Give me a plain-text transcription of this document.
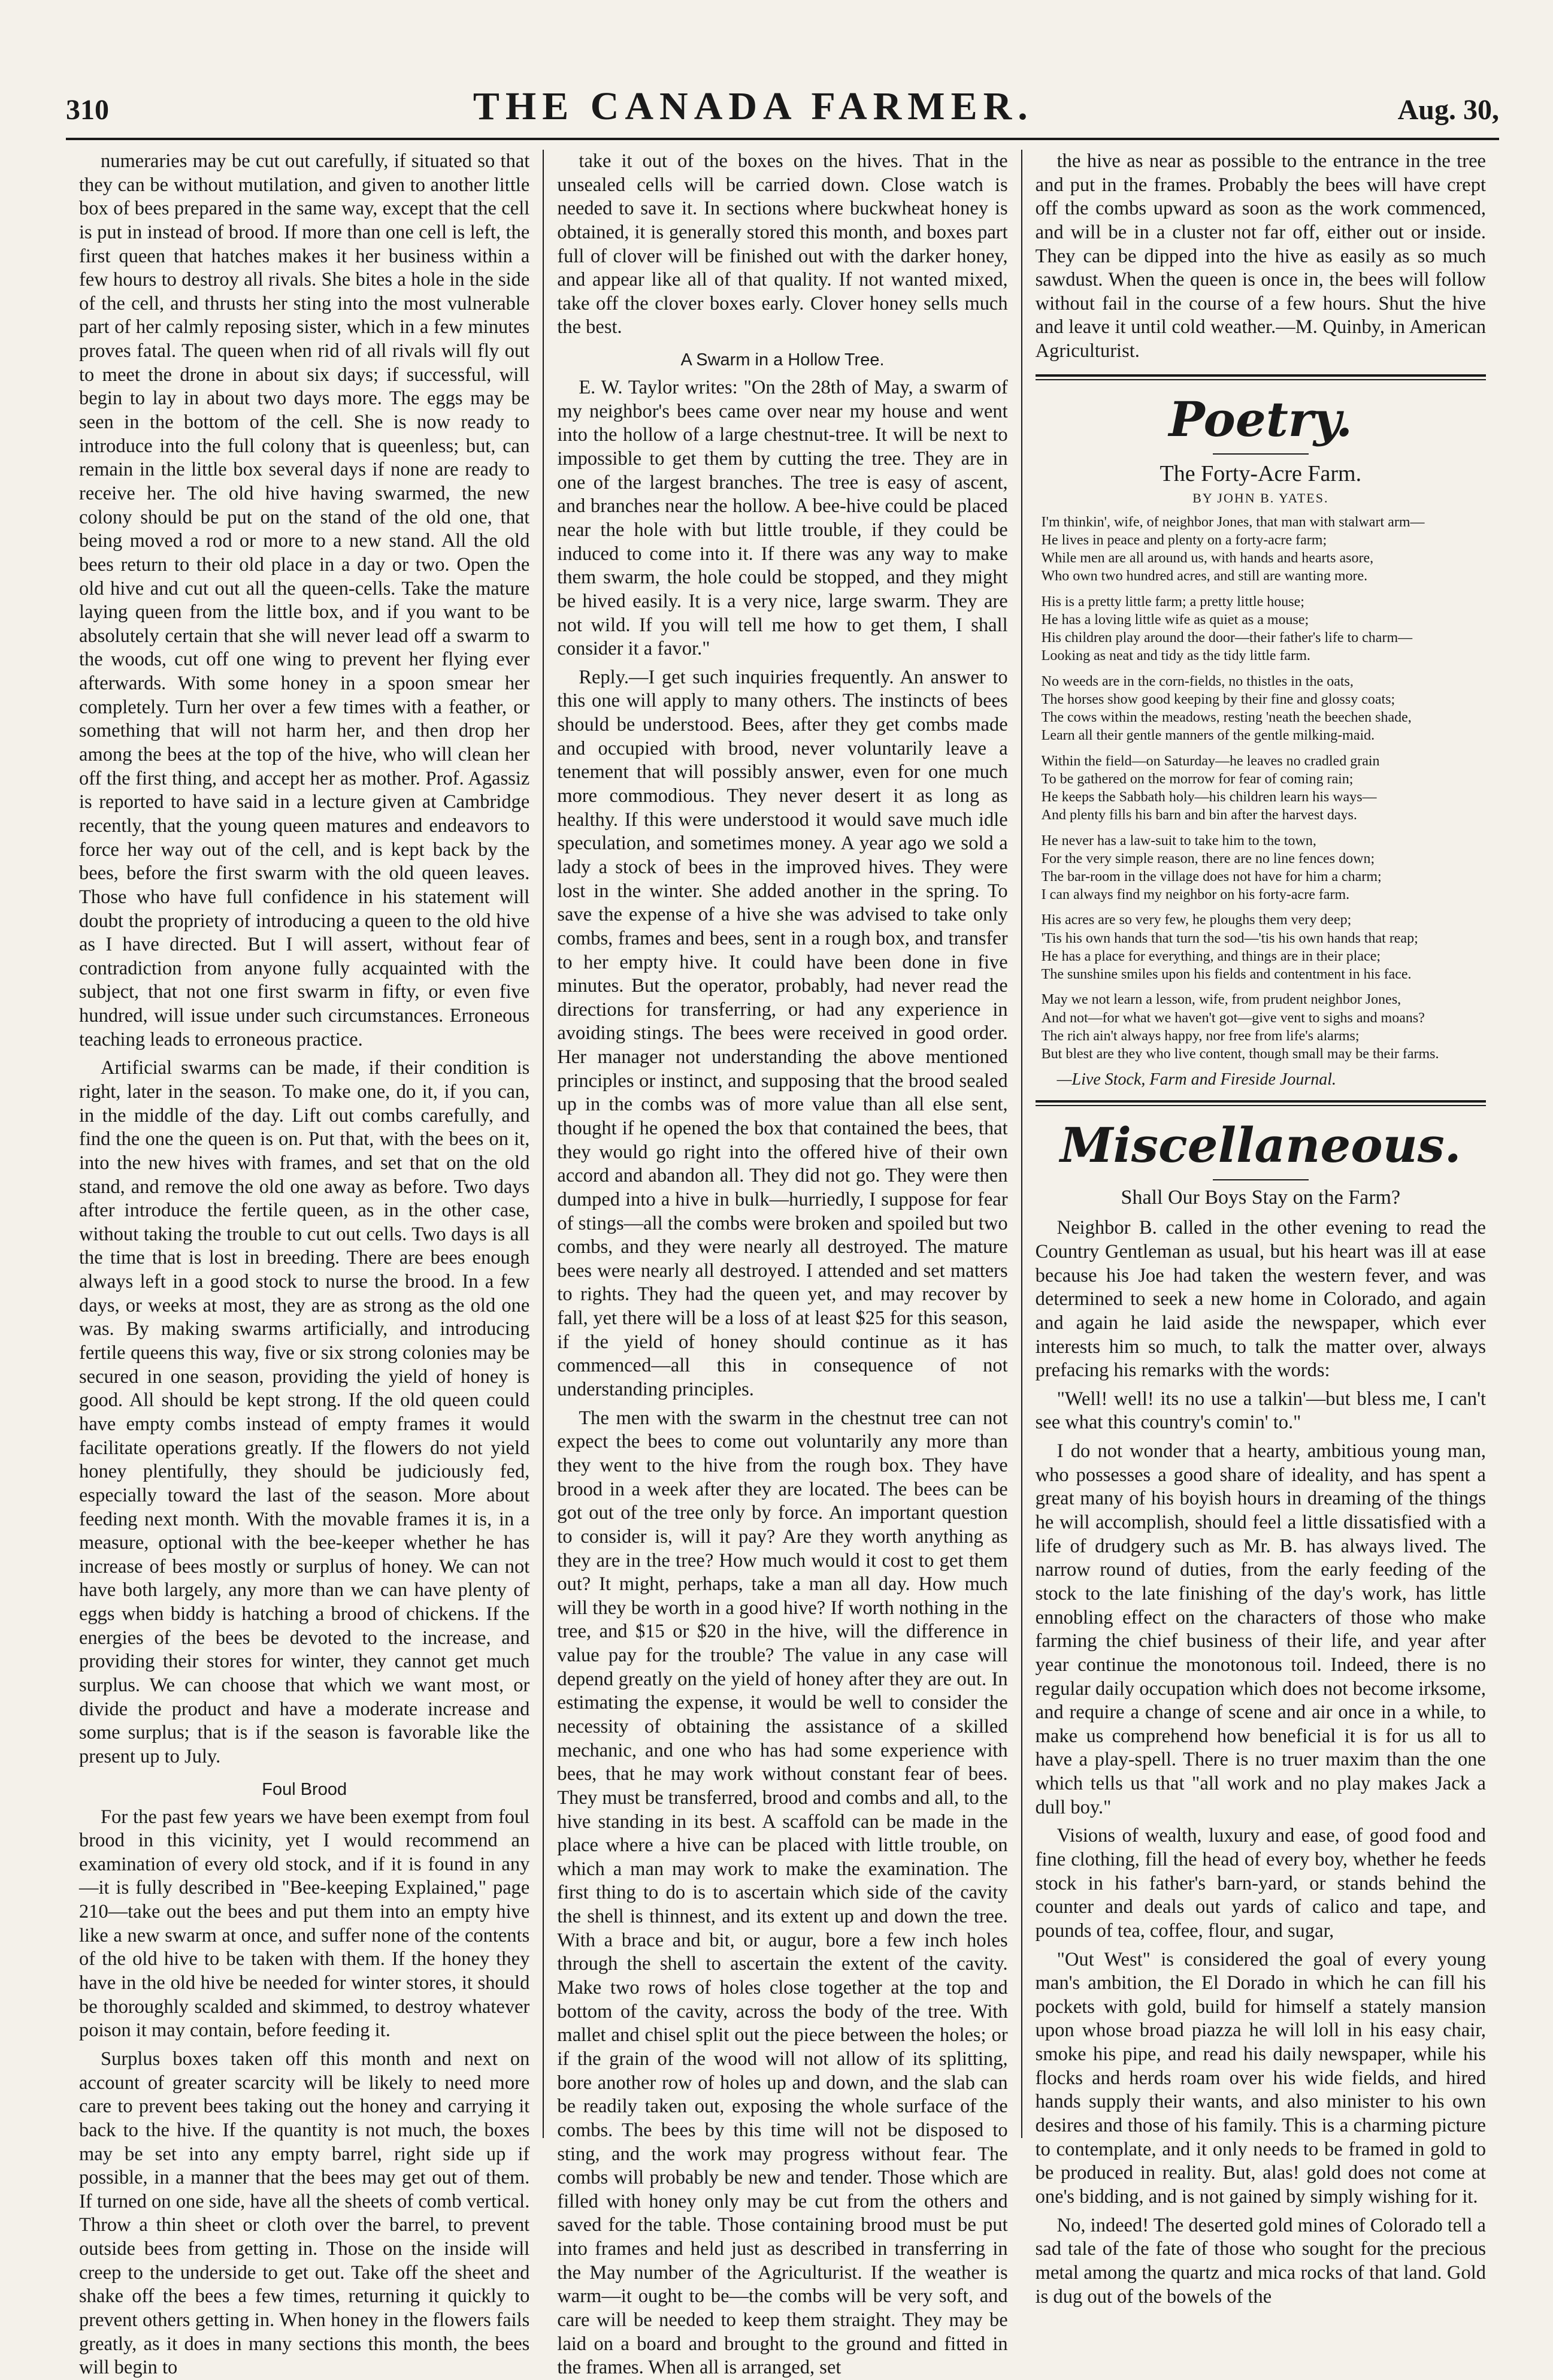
310	THE CANADA FARMER.	Aug. 30,

numeraries may be cut out carefully, if situated so that they can be without mutilation, and given to another little box of bees prepared in the same way, except that the cell is put in instead of brood. If more than one cell is left, the first queen that hatches makes it her business within a few hours to destroy all rivals. She bites a hole in the side of the cell, and thrusts her sting into the most vulnerable part of her calmly reposing sister, which in a few minutes proves fatal. The queen when rid of all rivals will fly out to meet the drone in about six days; if successful, will begin to lay in about two days more. The eggs may be seen in the bottom of the cell. She is now ready to introduce into the full colony that is queenless; but, can remain in the little box several days if none are ready to receive her. The old hive having swarmed, the new colony should be put on the stand of the old one, that being moved a rod or more to a new stand. All the old bees return to their old place in a day or two. Open the old hive and cut out all the queen-cells. Take the mature laying queen from the little box, and if you want to be absolutely certain that she will never lead off a swarm to the woods, cut off one wing to prevent her flying ever afterwards. With some honey in a spoon smear her completely. Turn her over a few times with a feather, or something that will not harm her, and then drop her among the bees at the top of the hive, who will clean her off the first thing, and accept her as mother. Prof. Agassiz is reported to have said in a lecture given at Cambridge recently, that the young queen matures and endeavors to force her way out of the cell, and is kept back by the bees, before the first swarm with the old queen leaves. Those who have full confidence in his statement will doubt the propriety of introducing a queen to the old hive as I have directed. But I will assert, without fear of contradiction from anyone fully acquainted with the subject, that not one first swarm in fifty, or even five hundred, will issue under such circumstances. Erroneous teaching leads to erroneous practice.

Artificial swarms can be made, if their condition is right, later in the season. To make one, do it, if you can, in the middle of the day. Lift out combs carefully, and find the one the queen is on. Put that, with the bees on it, into the new hives with frames, and set that on the old stand, and remove the old one away as before. Two days after introduce the fertile queen, as in the other case, without taking the trouble to cut out cells. Two days is all the time that is lost in breeding. There are bees enough always left in a good stock to nurse the brood. In a few days, or weeks at most, they are as strong as the old one was. By making swarms artificially, and introducing fertile queens this way, five or six strong colonies may be secured in one season, providing the yield of honey is good. All should be kept strong. If the old queen could have empty combs instead of empty frames it would facilitate operations greatly. If the flowers do not yield honey plentifully, they should be judiciously fed, especially toward the last of the season. More about feeding next month. With the movable frames it is, in a measure, optional with the bee-keeper whether he has increase of bees mostly or surplus of honey. We can not have both largely, any more than we can have plenty of eggs when biddy is hatching a brood of chickens. If the energies of the bees be devoted to the increase, and providing their stores for winter, they cannot get much surplus. We can choose that which we want most, or divide the product and have a moderate increase and some surplus; that is if the season is favorable like the present up to July.

Foul Brood

For the past few years we have been exempt from foul brood in this vicinity, yet I would recommend an examination of every old stock, and if it is found in any—it is fully described in "Bee-keeping Explained," page 210—take out the bees and put them into an empty hive like a new swarm at once, and suffer none of the contents of the old hive to be taken with them. If the honey they have in the old hive be needed for winter stores, it should be thoroughly scalded and skimmed, to destroy whatever poison it may contain, before feeding it.

Surplus boxes taken off this month and next on account of greater scarcity will be likely to need more care to prevent bees taking out the honey and carrying it back to the hive. If the quantity is not much, the boxes may be set into any empty barrel, right side up if possible, in a manner that the bees may get out of them. If turned on one side, have all the sheets of comb vertical. Throw a thin sheet or cloth over the barrel, to prevent outside bees from getting in. Those on the inside will creep to the underside to get out. Take off the sheet and shake off the bees a few times, returning it quickly to prevent others getting in. When honey in the flowers fails greatly, as it does in many sections this month, the bees will begin to

take it out of the boxes on the hives. That in the unsealed cells will be carried down. Close watch is needed to save it. In sections where buckwheat honey is obtained, it is generally stored this month, and boxes part full of clover will be finished out with the darker honey, and appear like all of that quality. If not wanted mixed, take off the clover boxes early. Clover honey sells much the best.

A Swarm in a Hollow Tree.

E. W. Taylor writes: "On the 28th of May, a swarm of my neighbor's bees came over near my house and went into the hollow of a large chestnut-tree. It will be next to impossible to get them by cutting the tree. They are in one of the largest branches. The tree is easy of ascent, and branches near the hollow. A bee-hive could be placed near the hole with but little trouble, if they could be induced to come into it. If there was any way to make them swarm, the hole could be stopped, and they might be hived easily. It is a very nice, large swarm. They are not wild. If you will tell me how to get them, I shall consider it a favor."

Reply.—I get such inquiries frequently. An answer to this one will apply to many others. The instincts of bees should be understood. Bees, after they get combs made and occupied with brood, never voluntarily leave a tenement that will possibly answer, even for one much more commodious. They never desert it as long as healthy. If this were understood it would save much idle speculation, and sometimes money. A year ago we sold a lady a stock of bees in the improved hives. They were lost in the winter. She added another in the spring. To save the expense of a hive she was advised to take only combs, frames and bees, sent in a rough box, and transfer to her empty hive. It could have been done in five minutes. But the operator, probably, had never read the directions for transferring, or had any experience in avoiding stings. The bees were received in good order. Her manager not understanding the above mentioned principles or instinct, and supposing that the brood sealed up in the combs was of more value than all else sent, thought if he opened the box that contained the bees, that they would go right into the offered hive of their own accord and abandon all. They did not go. They were then dumped into a hive in bulk—hurriedly, I suppose for fear of stings—all the combs were broken and spoiled but two combs, and they were nearly all destroyed. The mature bees were nearly all destroyed. I attended and set matters to rights. They had the queen yet, and may recover by fall, yet there will be a loss of at least $25 for this season, if the yield of honey should continue as it has commenced—all this in consequence of not understanding principles.

The men with the swarm in the chestnut tree can not expect the bees to come out voluntarily any more than they went to the hive from the rough box. They have brood in a week after they are located. The bees can be got out of the tree only by force. An important question to consider is, will it pay? Are they worth anything as they are in the tree? How much would it cost to get them out? It might, perhaps, take a man all day. How much will they be worth in a good hive? If worth nothing in the tree, and $15 or $20 in the hive, will the difference in value pay for the trouble? The value in any case will depend greatly on the yield of honey after they are out. In estimating the expense, it would be well to consider the necessity of obtaining the assistance of a skilled mechanic, and one who has had some experience with bees, that he may work without constant fear of bees. They must be transferred, brood and combs and all, to the hive standing in its best. A scaffold can be made in the place where a hive can be placed with little trouble, on which a man may work to make the examination. The first thing to do is to ascertain which side of the cavity the shell is thinnest, and its extent up and down the tree. With a brace and bit, or augur, bore a few inch holes through the shell to ascertain the extent of the cavity. Make two rows of holes close together at the top and bottom of the cavity, across the body of the tree. With mallet and chisel split out the piece between the holes; or if the grain of the wood will not allow of its splitting, bore another row of holes up and down, and the slab can be readily taken out, exposing the whole surface of the combs. The bees by this time will not be disposed to sting, and the work may progress without fear. The combs will probably be new and tender. Those which are filled with honey only may be cut from the others and saved for the table. Those containing brood must be put into frames and held just as described in transferring in the May number of the Agriculturist. If the weather is warm—it ought to be—the combs will be very soft, and care will be needed to keep them straight. They may be laid on a board and brought to the ground and fitted in the frames. When all is arranged, set

the hive as near as possible to the entrance in the tree and put in the frames. Probably the bees will have crept off the combs upward as soon as the work commenced, and will be in a cluster not far off, either out or inside. They can be dipped into the hive as easily as so much sawdust. When the queen is once in, the bees will follow without fail in the course of a few hours. Shut the hive and leave it until cold weather.—M. Quinby, in American Agriculturist.

Poetry.
The Forty-Acre Farm.
BY JOHN B. YATES.
I'm thinkin', wife, of neighbor Jones, that man with stalwart arm—
He lives in peace and plenty on a forty-acre farm;
While men are all around us, with hands and hearts asore,
Who own two hundred acres, and still are wanting more.
His is a pretty little farm; a pretty little house;
He has a loving little wife as quiet as a mouse;
His children play around the door—their father's life to charm—
Looking as neat and tidy as the tidy little farm.
No weeds are in the corn-fields, no thistles in the oats,
The horses show good keeping by their fine and glossy coats;
The cows within the meadows, resting 'neath the beechen shade,
Learn all their gentle manners of the gentle milking-maid.
Within the field—on Saturday—he leaves no cradled grain
To be gathered on the morrow for fear of coming rain;
He keeps the Sabbath holy—his children learn his ways—
And plenty fills his barn and bin after the harvest days.
He never has a law-suit to take him to the town,
For the very simple reason, there are no line fences down;
The bar-room in the village does not have for him a charm;
I can always find my neighbor on his forty-acre farm.
His acres are so very few, he ploughs them very deep;
'Tis his own hands that turn the sod—'tis his own hands that reap;
He has a place for everything, and things are in their place;
The sunshine smiles upon his fields and contentment in his face.
May we not learn a lesson, wife, from prudent neighbor Jones,
And not—for what we haven't got—give vent to sighs and moans?
The rich ain't always happy, nor free from life's alarms;
But blest are they who live content, though small may be their farms.
—Live Stock, Farm and Fireside Journal.
Miscellaneous.
Shall Our Boys Stay on the Farm?

Neighbor B. called in the other evening to read the Country Gentleman as usual, but his heart was ill at ease because his Joe had taken the western fever, and was determined to seek a new home in Colorado, and again and again he laid aside the newspaper, which ever interests him so much, to talk the matter over, always prefacing his remarks with the words:

"Well! well! its no use a talkin'—but bless me, I can't see what this country's comin' to."

I do not wonder that a hearty, ambitious young man, who possesses a good share of ideality, and has spent a great many of his boyish hours in dreaming of the things he will accomplish, should feel a little dissatisfied with a life of drudgery such as Mr. B. has always lived. The narrow round of duties, from the early feeding of the stock to the late finishing of the day's work, has little ennobling effect on the characters of those who make farming the chief business of their life, and year after year continue the monotonous toil. Indeed, there is no regular daily occupation which does not become irksome, and require a change of scene and air once in a while, to make us comprehend how beneficial it is for us all to have a play-spell. There is no truer maxim than the one which tells us that "all work and no play makes Jack a dull boy."

Visions of wealth, luxury and ease, of good food and fine clothing, fill the head of every boy, whether he feeds stock in his father's barn-yard, or stands behind the counter and deals out yards of calico and tape, and pounds of tea, coffee, flour, and sugar,

"Out West" is considered the goal of every young man's ambition, the El Dorado in which he can fill his pockets with gold, build for himself a stately mansion upon whose broad piazza he will loll in his easy chair, smoke his pipe, and read his daily newspaper, while his flocks and herds roam over his wide fields, and hired hands supply their wants, and also minister to his own desires and those of his family. This is a charming picture to contemplate, and it only needs to be framed in gold to be produced in reality. But, alas! gold does not come at one's bidding, and is not gained by simply wishing for it.

No, indeed! The deserted gold mines of Colorado tell a sad tale of the fate of those who sought for the precious metal among the quartz and mica rocks of that land. Gold is dug out of the bowels of the
